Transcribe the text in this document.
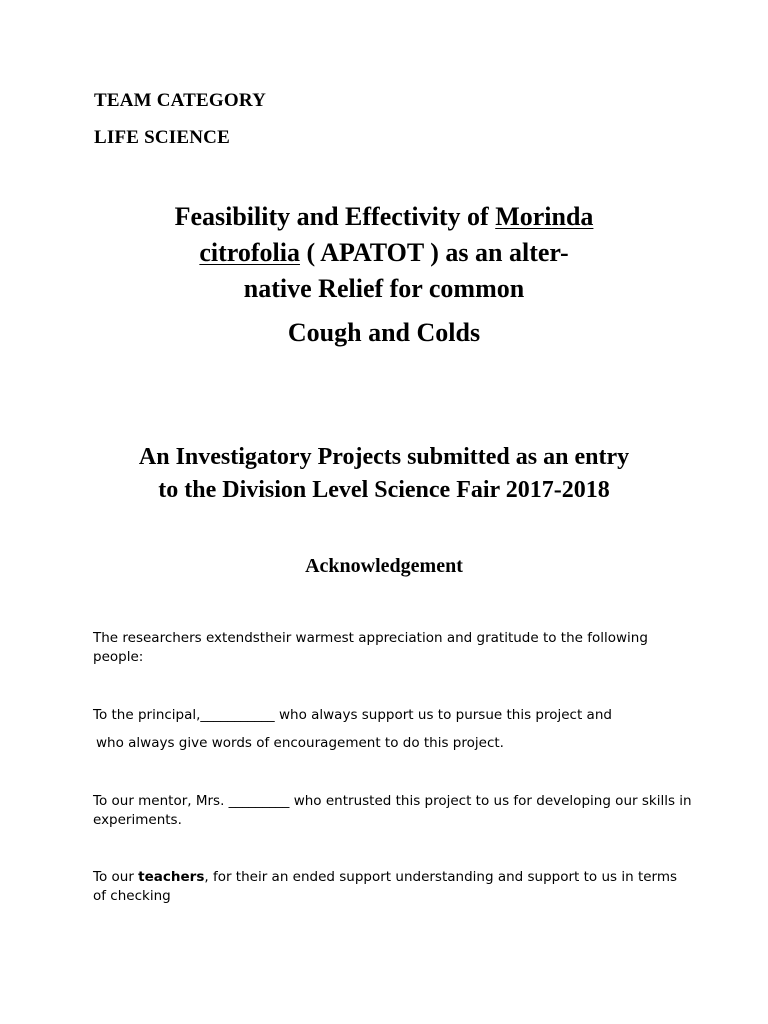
TEAM CATEGORY
LIFE SCIENCE
Feasibility and Effectivity of Morinda
citrofolia ( APATOT ) as an alter-
native Relief for common
Cough and Colds
An Investigatory Projects submitted as an entry
to the Division Level Science Fair 2017-2018
Acknowledgement
The researchers extendstheir warmest appreciation and gratitude to the following people:
To the principal,___________ who always support us to pursue this project and
who always give words of encouragement to do this project.
To our mentor, Mrs. _________ who entrusted this project to us for developing our skills in experiments.
To our teachers, for their an ended support understanding and support to us in terms of checking
